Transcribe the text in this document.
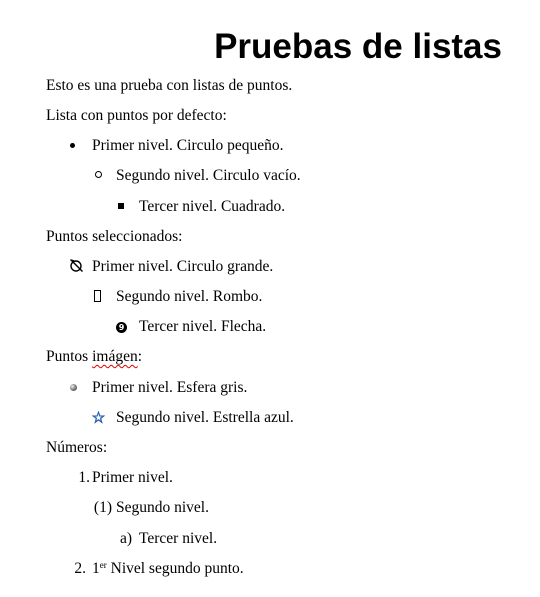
Pruebas de listas
Esto es una prueba con listas de puntos.
Lista con puntos por defecto:
Primer nivel. Circulo pequeño.
Segundo nivel. Circulo vacío.
Tercer nivel. Cuadrado.
Puntos seleccionados:
Primer nivel. Circulo grande.
Segundo nivel. Rombo.
9 Tercer nivel. Flecha.
Puntos imágen:
Primer nivel. Esfera gris.
Segundo nivel. Estrella azul.
Números:
1. Primer nivel.
(1) Segundo nivel.
a) Tercer nivel.
2. 1er Nivel segundo punto.
